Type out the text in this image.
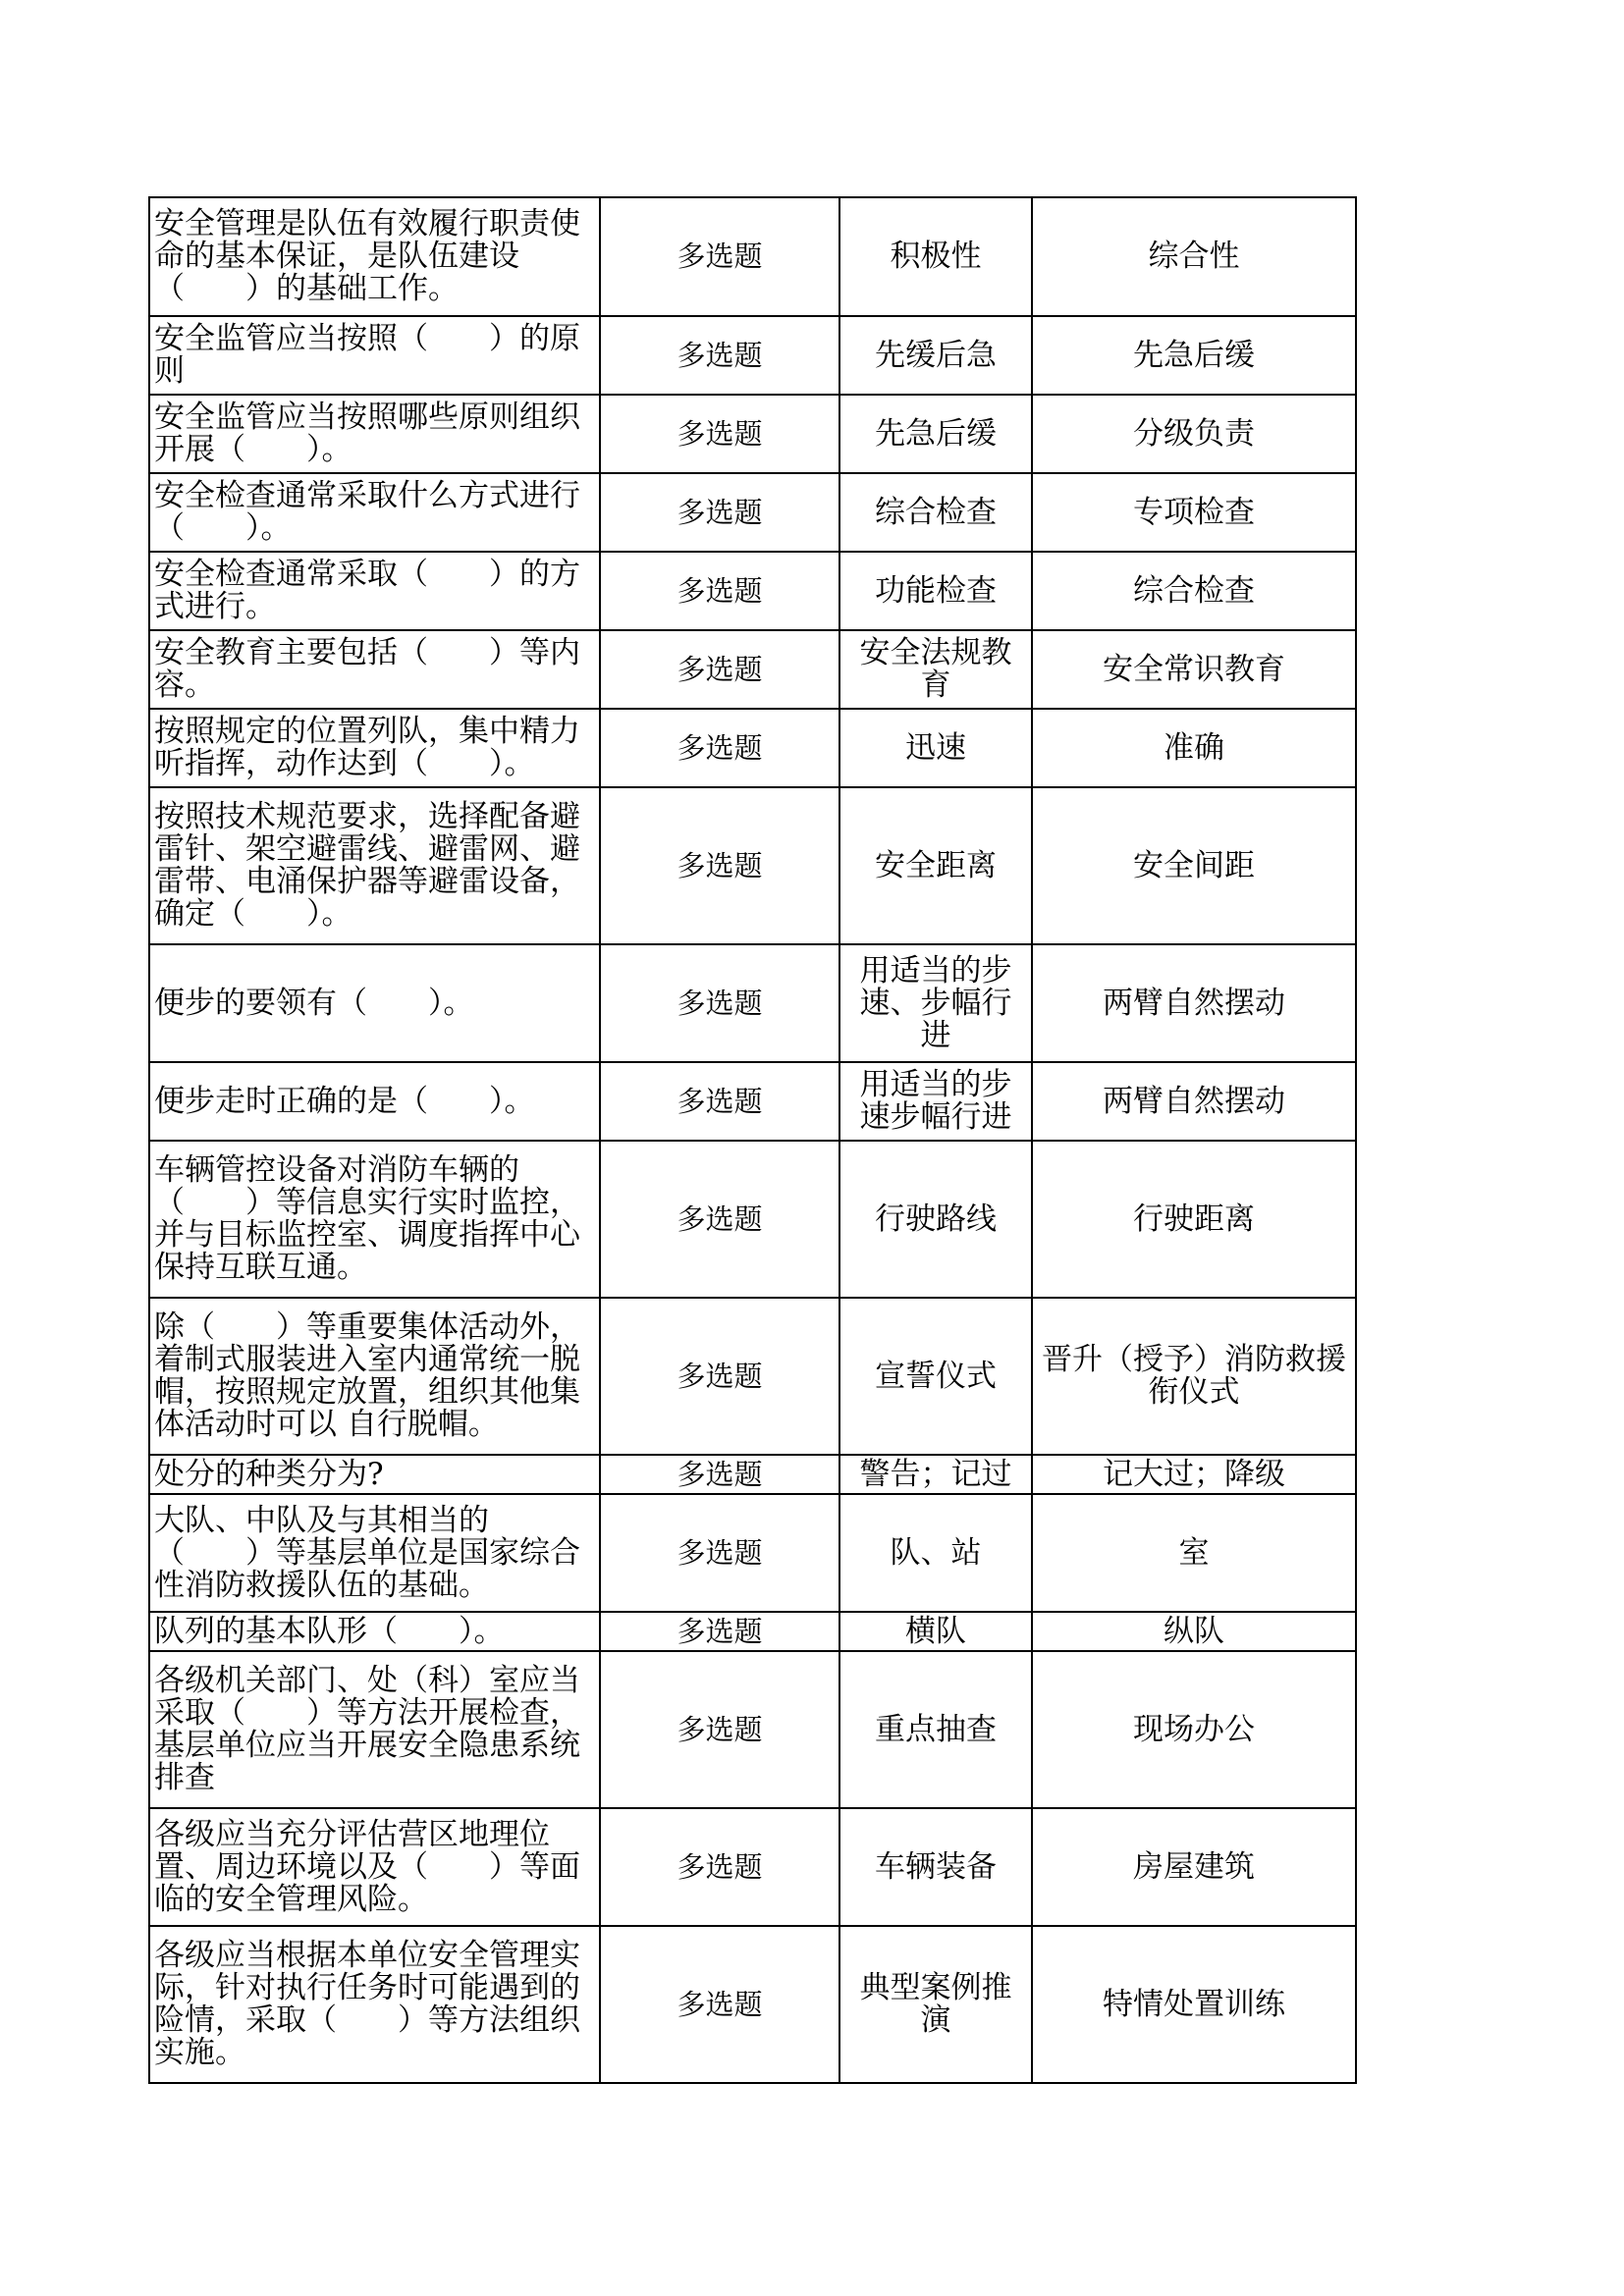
安全管理是队伍有效履行职责使命的基本保证，是队伍建设（　　）的基础工作。	多选题	积极性	综合性
安全监管应当按照（　　）的原则	多选题	先缓后急	先急后缓
安全监管应当按照哪些原则组织开展（　　）。	多选题	先急后缓	分级负责
安全检查通常采取什么方式进行（　　）。	多选题	综合检查	专项检查
安全检查通常采取（　　）的方式进行。	多选题	功能检查	综合检查
安全教育主要包括（　　）等内容。	多选题	安全法规教育	安全常识教育
按照规定的位置列队，集中精力听指挥，动作达到（　　）。	多选题	迅速	准确
按照技术规范要求，选择配备避雷针、架空避雷线、避雷网、避雷带、电涌保护器等避雷设备，确定（　　）。	多选题	安全距离	安全间距
便步的要领有（　　）。	多选题	用适当的步速、步幅行进	两臂自然摆动
便步走时正确的是（　　）。	多选题	用适当的步速步幅行进	两臂自然摆动
车辆管控设备对消防车辆的（　　）等信息实行实时监控，并与目标监控室、调度指挥中心保持互联互通。	多选题	行驶路线	行驶距离
除（　　）等重要集体活动外，着制式服装进入室内通常统一脱帽，按照规定放置，组织其他集体活动时可以 自行脱帽。	多选题	宣誓仪式	晋升（授予）消防救援衔仪式
处分的种类分为?	多选题	警告；记过	记大过；降级
大队、中队及与其相当的（　　）等基层单位是国家综合性消防救援队伍的基础。	多选题	队、站	室
队列的基本队形（　　）。	多选题	横队	纵队
各级机关部门、处（科）室应当采取（　　）等方法开展检查，基层单位应当开展安全隐患系统排查	多选题	重点抽查	现场办公
各级应当充分评估营区地理位置、周边环境以及（　　）等面临的安全管理风险。	多选题	车辆装备	房屋建筑
各级应当根据本单位安全管理实际，针对执行任务时可能遇到的险情，采取（　　）等方法组织实施。	多选题	典型案例推演	特情处置训练
